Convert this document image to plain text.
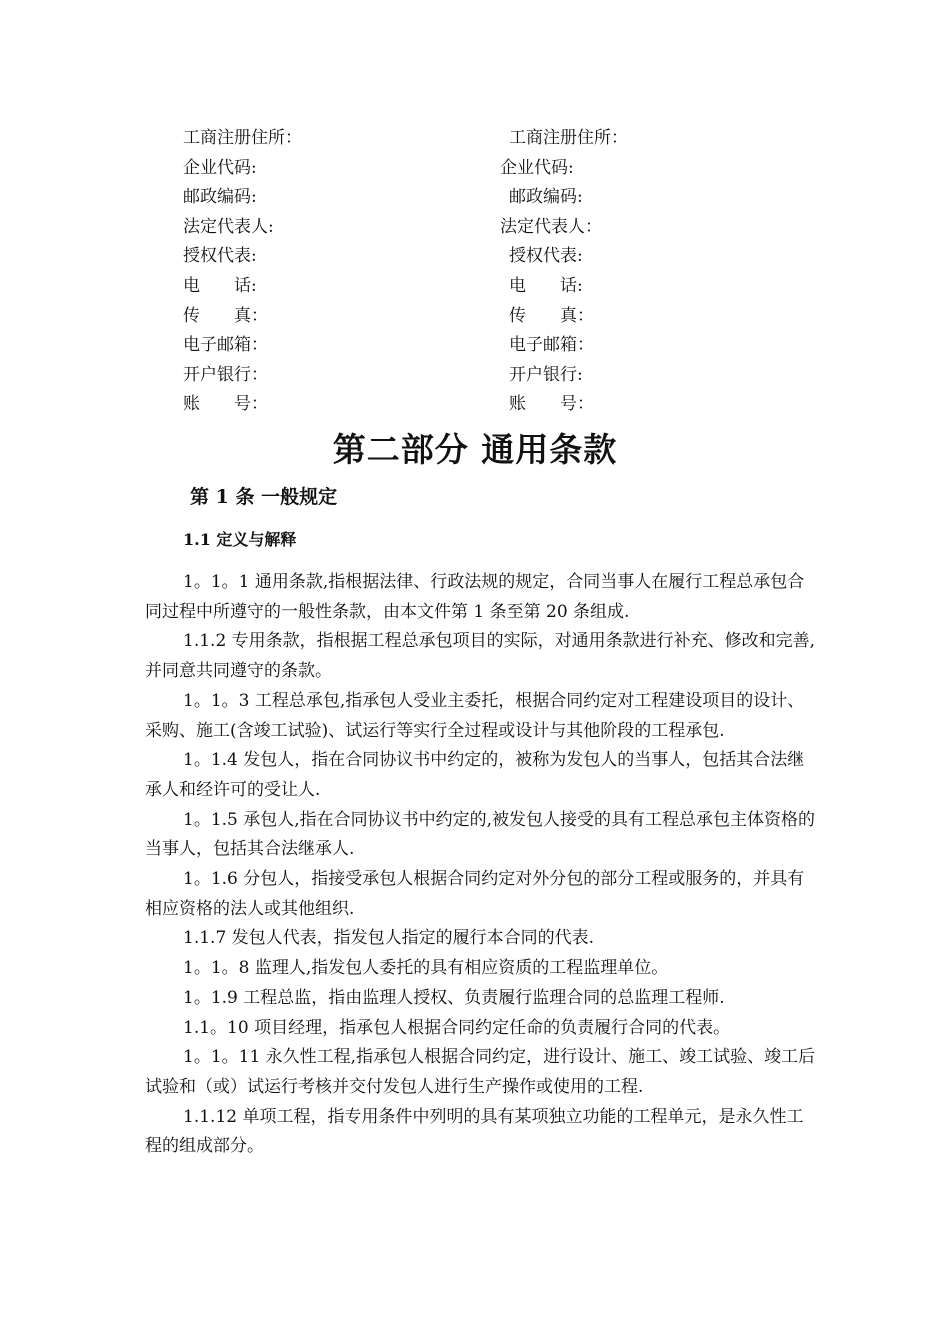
工商注册住所：
企业代码:
邮政编码:
法定代表人:
授权代表:
电　　话:
传　　真：
电子邮箱：
开户银行：
账　　号：
工商注册住所：
企业代码:
邮政编码:
法定代表人：
授权代表:
电　　话:
传　　真：
电子邮箱：
开户银行:
账　　号：
第二部分 通用条款
第 1 条 一般规定
1.1 定义与解释

1。1。1 通用条款,指根据法律、行政法规的规定，合同当事人在履行工程总承包合同过程中所遵守的一般性条款，由本文件第 1 条至第 20 条组成.

1.1.2 专用条款，指根据工程总承包项目的实际，对通用条款进行补充、修改和完善,并同意共同遵守的条款。

1。1。3 工程总承包,指承包人受业主委托，根据合同约定对工程建设项目的设计、采购、施工(含竣工试验)、试运行等实行全过程或设计与其他阶段的工程承包.

1。1.4 发包人，指在合同协议书中约定的，被称为发包人的当事人，包括其合法继承人和经许可的受让人.

1。1.5 承包人,指在合同协议书中约定的,被发包人接受的具有工程总承包主体资格的当事人，包括其合法继承人.

1。1.6 分包人，指接受承包人根据合同约定对外分包的部分工程或服务的，并具有相应资格的法人或其他组织.

1.1.7 发包人代表，指发包人指定的履行本合同的代表.

1。1。8 监理人,指发包人委托的具有相应资质的工程监理单位。

1。1.9 工程总监，指由监理人授权、负责履行监理合同的总监理工程师.

1.1。10 项目经理，指承包人根据合同约定任命的负责履行合同的代表。

1。1。11 永久性工程,指承包人根据合同约定，进行设计、施工、竣工试验、竣工后试验和（或）试运行考核并交付发包人进行生产操作或使用的工程.

1.1.12 单项工程，指专用条件中列明的具有某项独立功能的工程单元，是永久性工程的组成部分。
